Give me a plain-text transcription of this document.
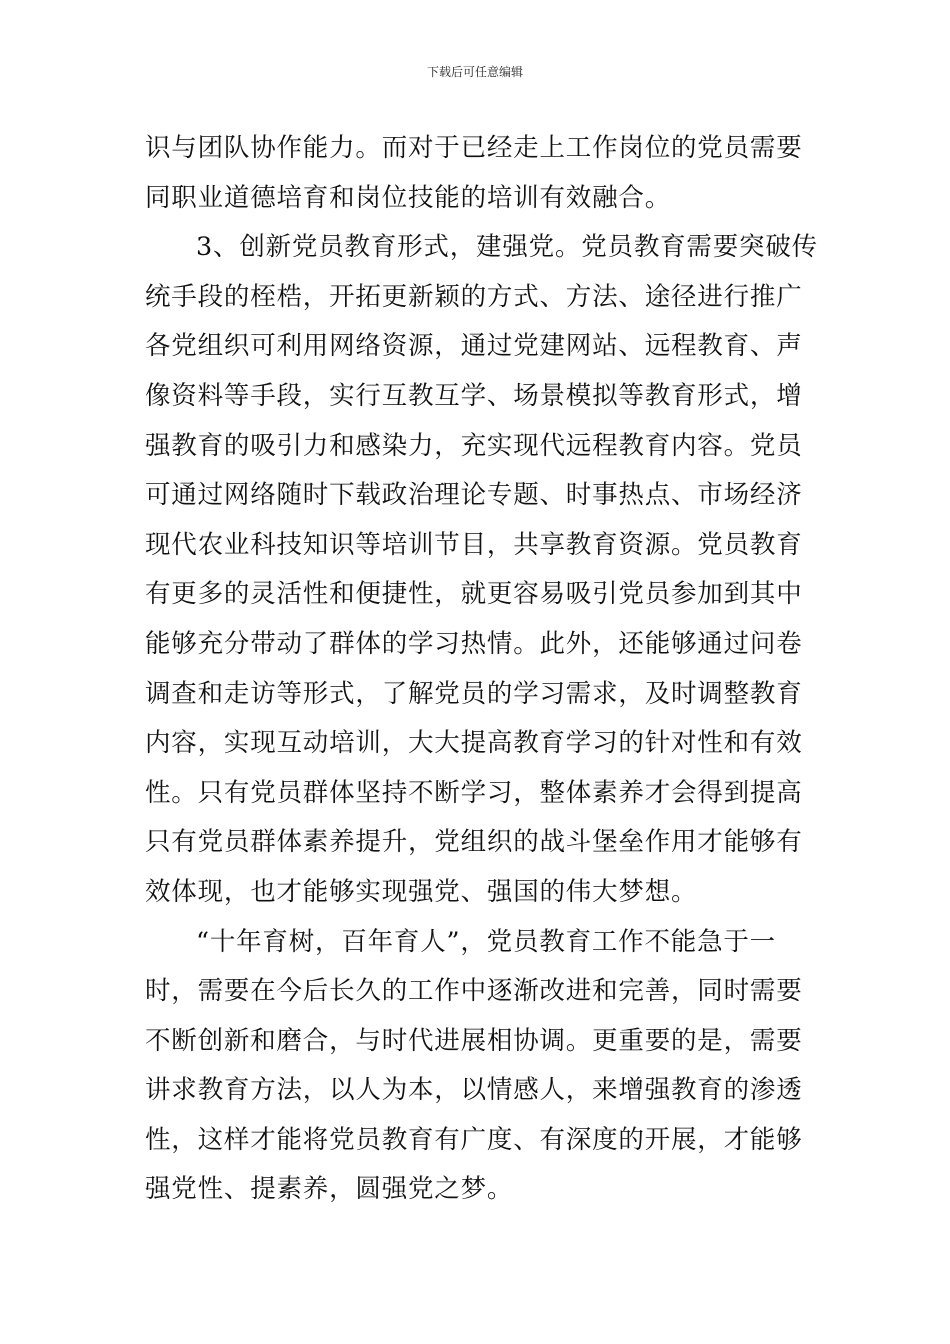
下载后可任意编辑
识与团队协作能力。而对于已经走上工作岗位的党员需要
同职业道德培育和岗位技能的培训有效融合。
3、创新党员教育形式，建强党。党员教育需要突破传
统手段的桎梏，开拓更新颖的方式、方法、途径进行推广
各党组织可利用网络资源，通过党建网站、远程教育、声
像资料等手段，实行互教互学、场景模拟等教育形式，增
强教育的吸引力和感染力，充实现代远程教育内容。党员
可通过网络随时下载政治理论专题、时事热点、市场经济
现代农业科技知识等培训节目，共享教育资源。党员教育
有更多的灵活性和便捷性，就更容易吸引党员参加到其中
能够充分带动了群体的学习热情。此外，还能够通过问卷
调查和走访等形式，了解党员的学习需求，及时调整教育
内容，实现互动培训，大大提高教育学习的针对性和有效
性。只有党员群体坚持不断学习，整体素养才会得到提高
只有党员群体素养提升，党组织的战斗堡垒作用才能够有
效体现，也才能够实现强党、强国的伟大梦想。
“十年育树，百年育人”，党员教育工作不能急于一
时，需要在今后长久的工作中逐渐改进和完善，同时需要
不断创新和磨合，与时代进展相协调。更重要的是，需要
讲求教育方法，以人为本，以情感人，来增强教育的渗透
性，这样才能将党员教育有广度、有深度的开展，才能够
强党性、提素养，圆强党之梦。
